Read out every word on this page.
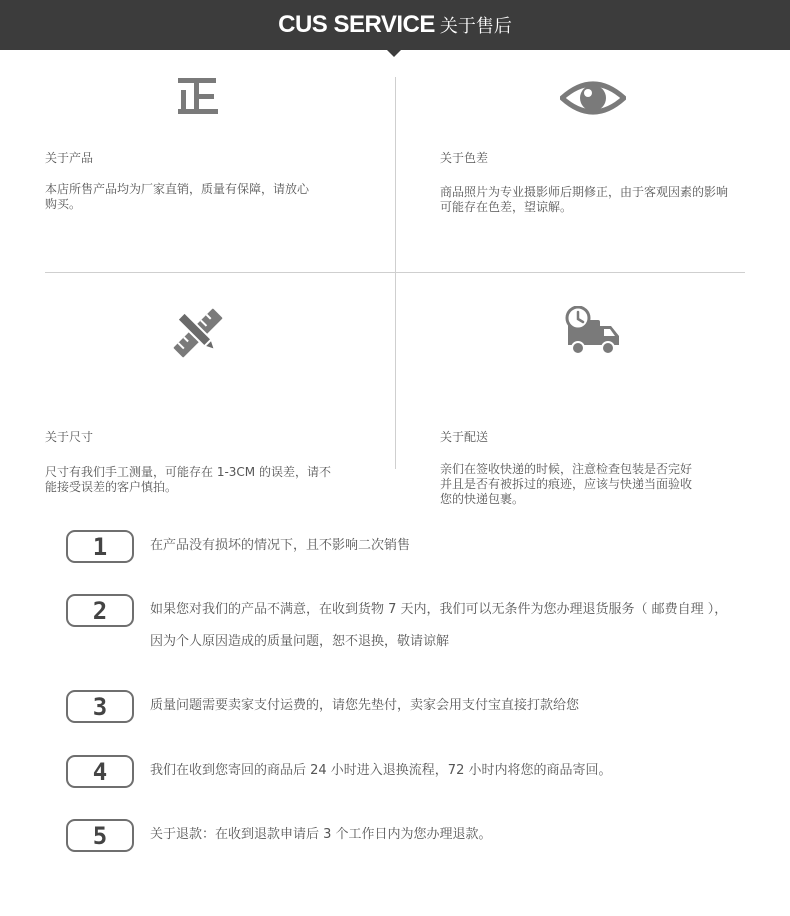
CUS SERVICE 关于售后
关于产品
本店所售产品均为厂家直销，质量有保障，请放心
购买。
关于色差
商品照片为专业摄影师后期修正，由于客观因素的影响
可能存在色差，望谅解。
关于尺寸
尺寸有我们手工测量，可能存在 1-3CM 的误差，请不
能接受误差的客户慎拍。
关于配送
亲们在签收快递的时候，注意检查包装是否完好
并且是否有被拆过的痕迹，应该与快递当面验收
您的快递包裹。
1	在产品没有损坏的情况下，且不影响二次销售
2	如果您对我们的产品不满意，在收到货物 7 天内，我们可以无条件为您办理退货服务（ 邮费自理 ），
因为个人原因造成的质量问题，恕不退换，敬请谅解
3	质量问题需要卖家支付运费的，请您先垫付，卖家会用支付宝直接打款给您
4	我们在收到您寄回的商品后 24 小时进入退换流程，72 小时内将您的商品寄回。
5	关于退款：在收到退款申请后 3 个工作日内为您办理退款。
